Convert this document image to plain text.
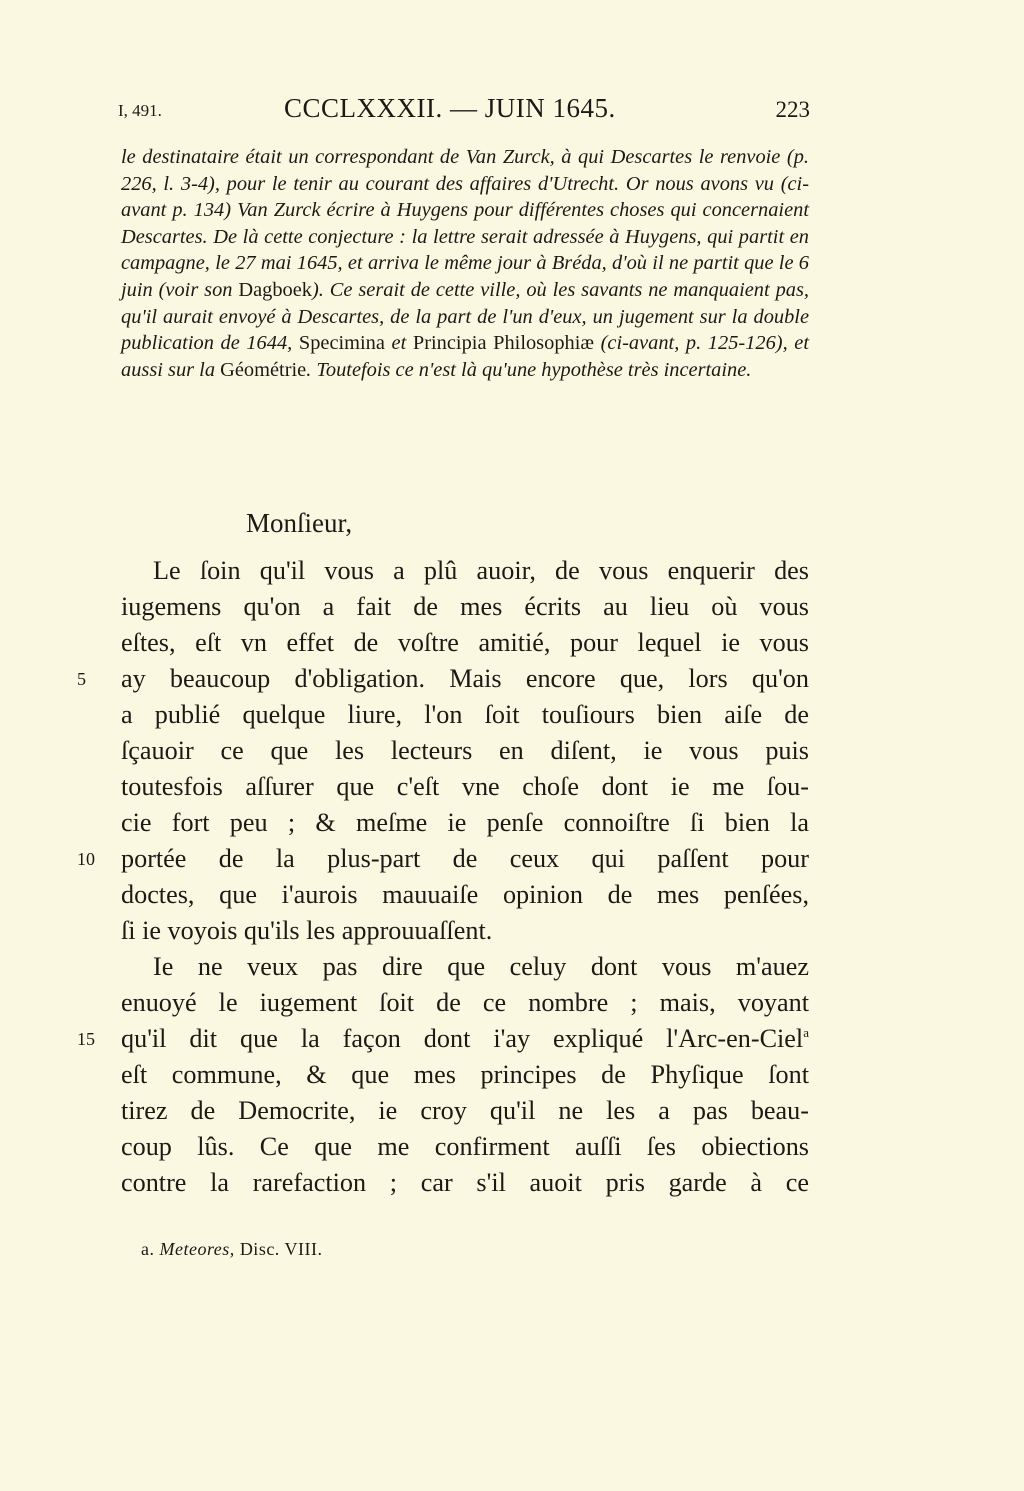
I, 491.	CCCLXXXII. — JUIN 1645.	223

le destinataire était un correspondant de Van Zurck, à qui Descartes le renvoie (p. 226, l. 3-4), pour le tenir au courant des affaires d'Utrecht. Or nous avons vu (ci-avant p. 134) Van Zurck écrire à Huygens pour différentes choses qui concernaient Descartes. De là cette conjecture : la lettre serait adressée à Huygens, qui partit en campagne, le 27 mai 1645, et arriva le même jour à Bréda, d'où il ne partit que le 6 juin (voir son Dagboek). Ce serait de cette ville, où les savants ne manquaient pas, qu'il aurait envoyé à Descartes, de la part de l'un d'eux, un jugement sur la double publication de 1644, Specimina et Principia Philosophiæ (ci-avant, p. 125-126), et aussi sur la Géométrie. Toutefois ce n'est là qu'une hypothèse très incertaine.

Monſieur,
Le ſoin qu'il vous a plû auoir, de vous enquerir des
iugemens qu'on a fait de mes écrits au lieu où vous
eſtes, eſt vn effet de voſtre amitié, pour lequel ie vous
5 ay beaucoup d'obligation. Mais encore que, lors qu'on
a publié quelque liure, l'on ſoit touſiours bien aiſe de
ſçauoir ce que les lecteurs en diſent, ie vous puis
toutesfois aſſurer que c'eſt vne choſe dont ie me ſou-
cie fort peu ; & meſme ie penſe connoiſtre ſi bien la
10 portée de la plus-part de ceux qui paſſent pour
doctes, que i'aurois mauuaiſe opinion de mes penſées,
ſi ie voyois qu'ils les approuuaſſent.
Ie ne veux pas dire que celuy dont vous m'auez
enuoyé le iugement ſoit de ce nombre ; mais, voyant
15 qu'il dit que la façon dont i'ay expliqué l'Arc-en-Ciel$^a$
eſt commune, & que mes principes de Phyſique ſont
tirez de Democrite, ie croy qu'il ne les a pas beau-
coup lûs. Ce que me confirment auſſi ſes obiections
contre la rarefaction ; car s'il auoit pris garde à ce
a. Meteores, Disc. VIII.
